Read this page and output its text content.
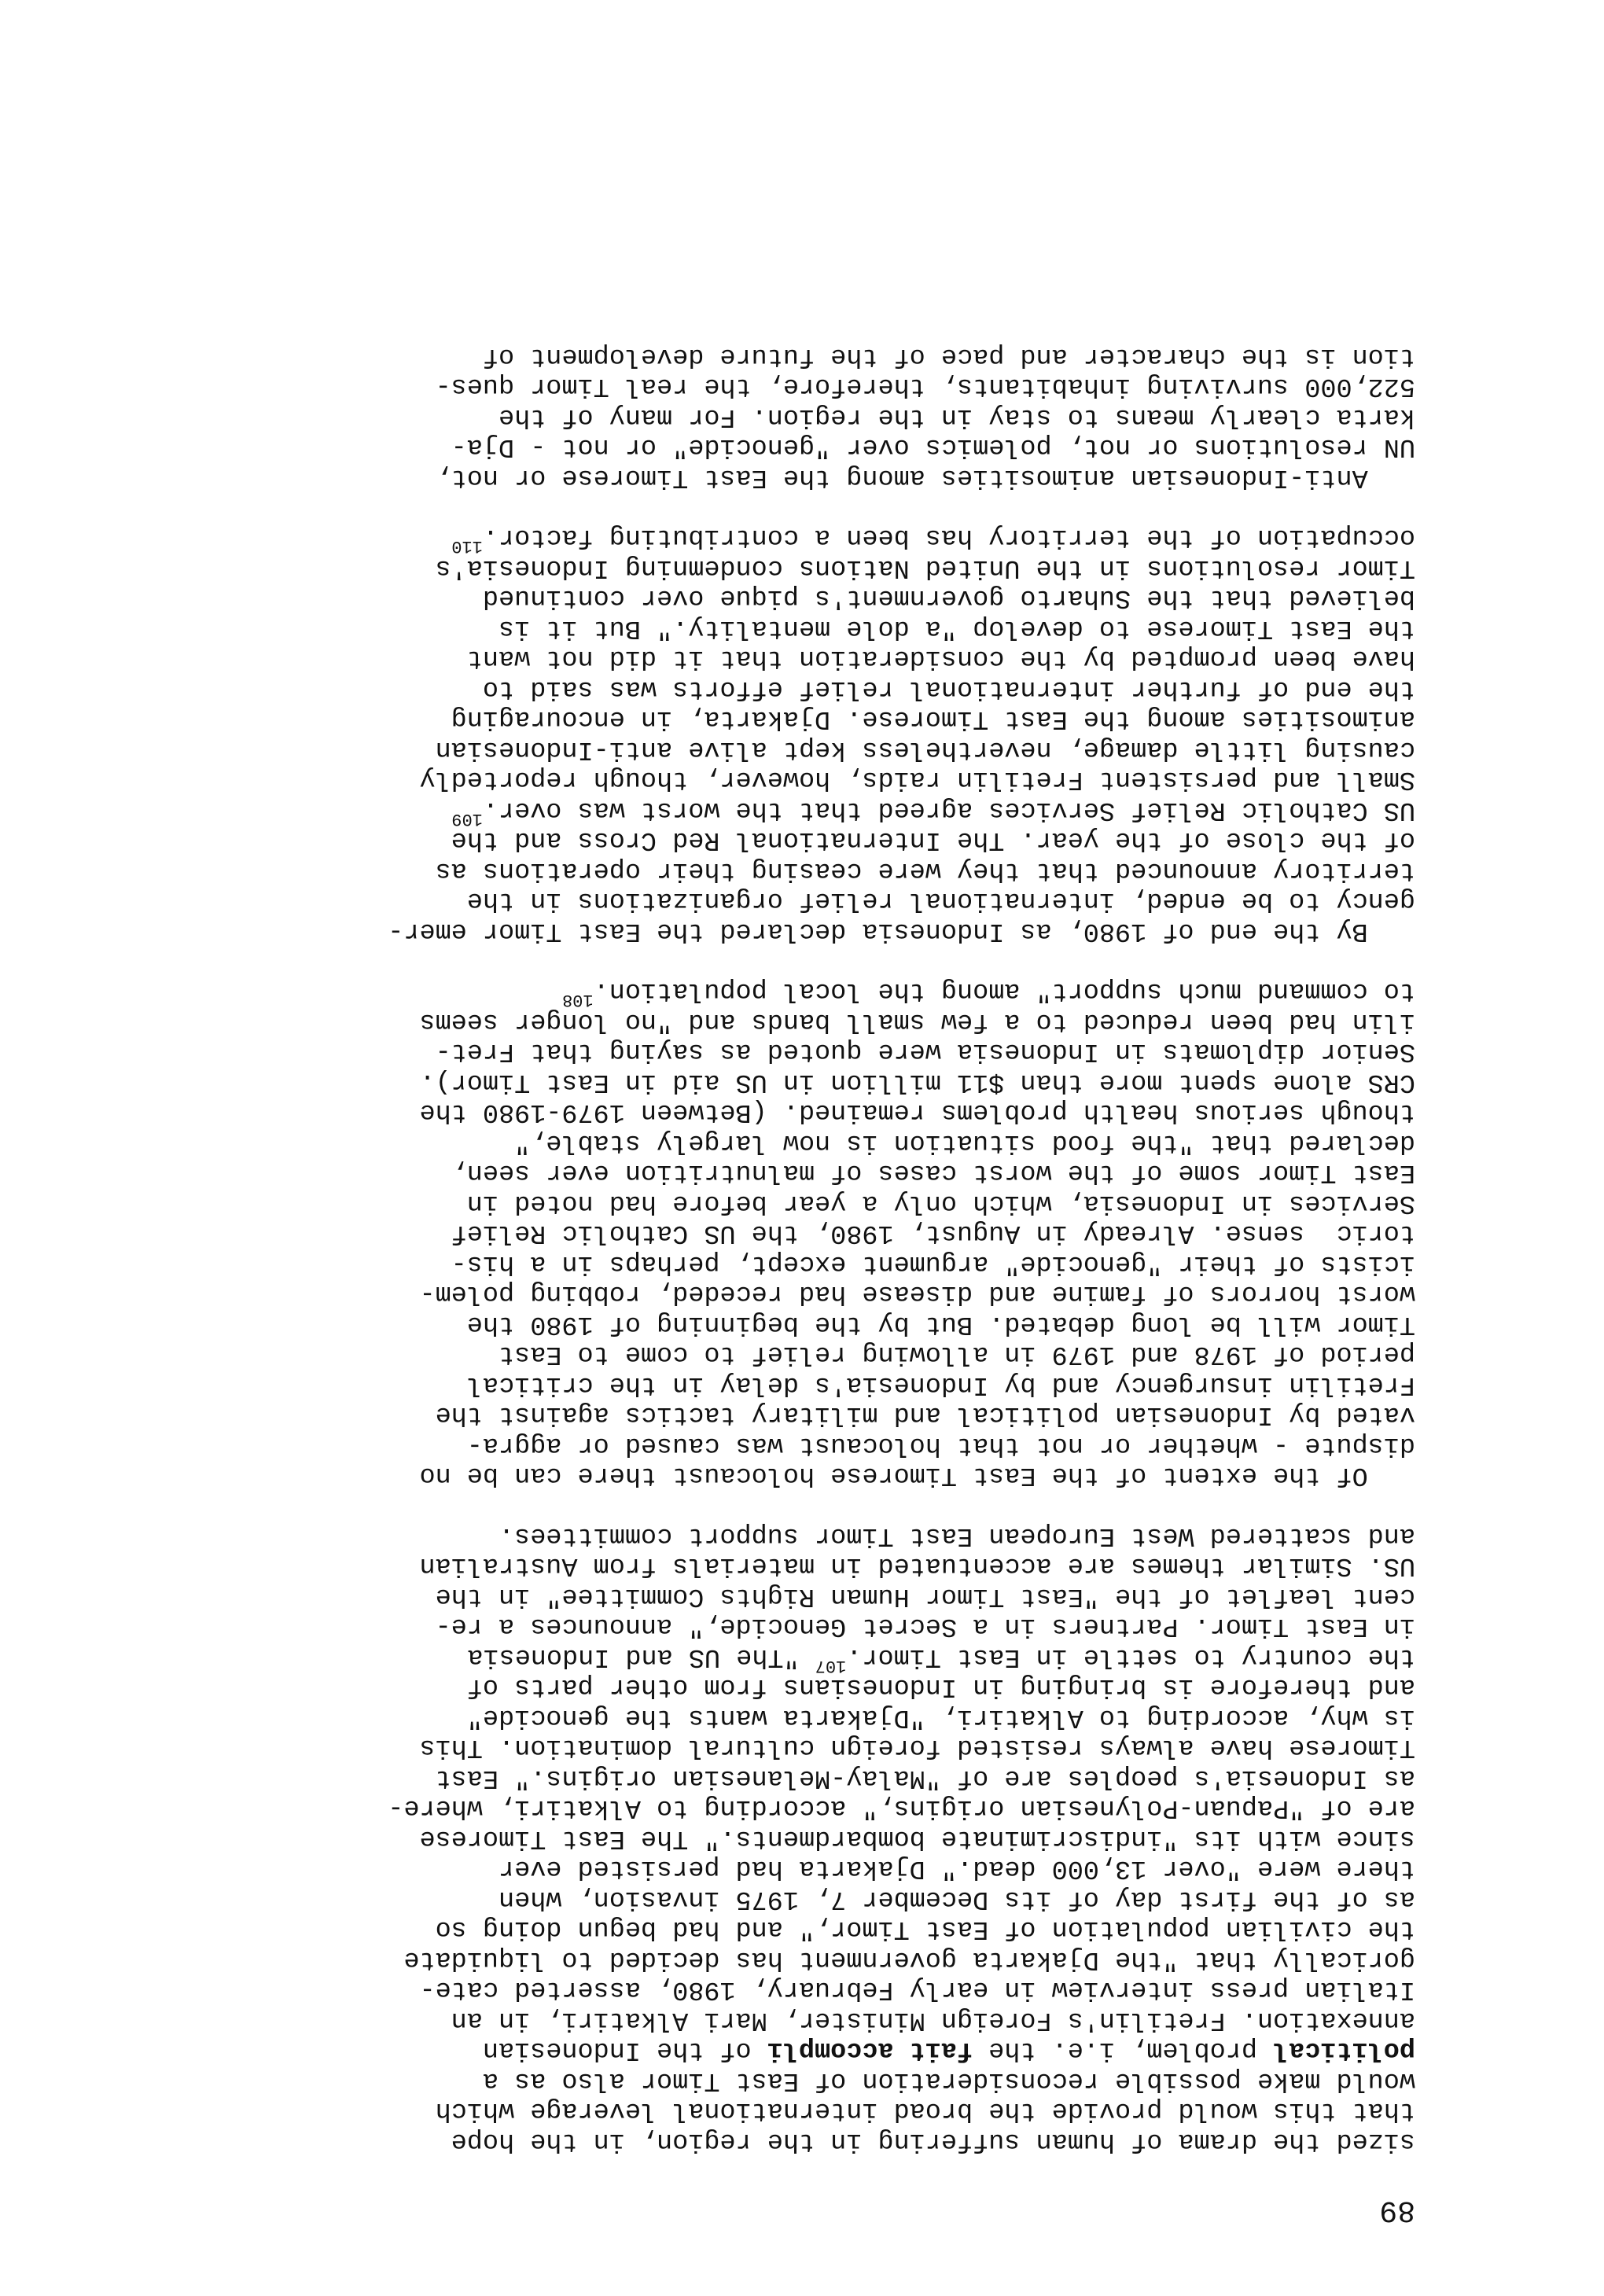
89
sized the drama of human suffering in the region, in the hope
that this would provide the broad international leverage which
would make possible reconsideration of East Timor also as a
political problem, i.e. the fait accompli of the Indonesian
annexation. Fretilin's Foreign Minister, Mari Alkatiri, in an
Italian press interview in early February, 1980, asserted cate-
gorically that "the Djakarta government has decided to liquidate
the civilian population of East Timor," and had begun doing so
as of the first day of its December 7, 1975 invasion, when
there were "over 13,000 dead." Djakarta had persisted ever
since with its "indiscriminate bombardments." The East Timorese
are of "Papuan-Polynesian origins," according to Alkatiri, where-
as Indonesia's peoples are of "Malay-Melanesian origins." East
Timorese have always resisted foreign cultural domination. This
is why, according to Alkatiri, "Djakarta wants the genocide"
and therefore is bringing in Indonesians from other parts of
the country to settle in East Timor.$^{107}$ "The US and Indonesia
in East Timor. Partners in a Secret Genocide," announces a re-
cent leaflet of the "East Timor Human Rights Committee" in the
US. Similar themes are accentuated in materials from Australian
and scattered West European East Timor support committees.
Of the extent of the East Timorese holocaust there can be no
dispute - whether or not that holocaust was caused or aggra-
vated by Indonesian political and military tactics against the
Fretilin insurgency and by Indonesia's delay in the critical
period of 1978 and 1979 in allowing relief to come to East
Timor will be long debated. But by the beginning of 1980 the
worst horrors of famine and disease had receded, robbing polem-
icists of their "genocide" argument except, perhaps in a his-
toric  sense. Already in August, 1980, the US Catholic Relief
Services in Indonesia, which only a year before had noted in
East Timor some of the worst cases of malnutrition ever seen,
declared that "the food situation is now largely stable,"
though serious health problems remained. (Between 1979-1980 the
CRS alone spent more than $11 million in US aid in East Timor).
Senior diplomats in Indonesia were quoted as saying that Fret-
ilin had been reduced to a few small bands and "no longer seems
to command much support" among the local population.$^{108}$
By the end of 1980, as Indonesia declared the East Timor emer-
gency to be ended, international relief organizations in the
territory announced that they were ceasing their operations as
of the close of the year. The International Red Cross and the
US Catholic Relief Services agreed that the worst was over.$^{109}$
Small and persistent Fretilin raids, however, though reportedly
causing little damage, nevertheless kept alive anti-Indonesian
animosities among the East Timorese. Djakarta, in encouraging
the end of further international relief efforts was said to
have been prompted by the consideration that it did not want
the East Timorese to develop "a dole mentality." But it is
believed that the Suharto government's pique over continued
Timor resolutions in the United Nations condemning Indonesia's
occupation of the territory has been a contributing factor.$^{110}$
Anti-Indonesian animosities among the East Timorese or not,
UN resolutions or not, polemics over "genocide" or not - Dja-
karta clearly means to stay in the region. For many of the
522,000 surviving inhabitants, therefore, the real Timor ques-
tion is the character and pace of the future development of
